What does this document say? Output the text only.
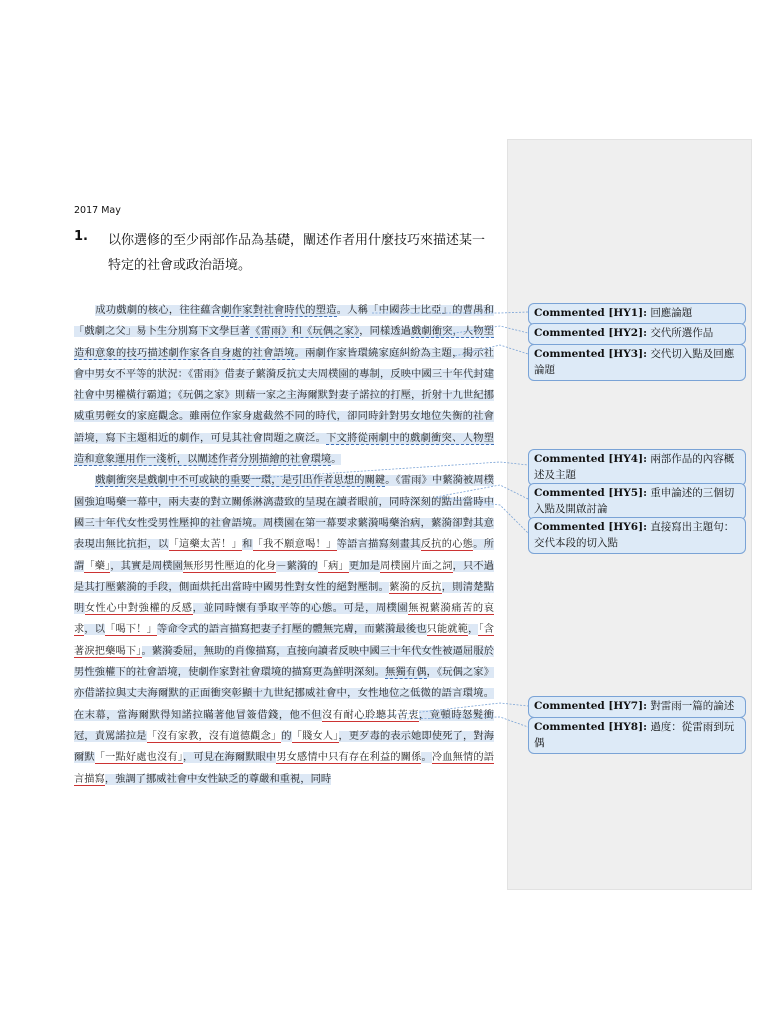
2017 May
1. 以你選修的至少兩部作品為基礎，闡述作者用什麼技巧來描述某一特定的社會或政治語境。

成功戲劇的核心，往往蘊含劇作家對社會時代的塑造。人稱「中國莎士比亞」的曹禺和「戲劇之父」易卜生分別寫下文學巨著《雷雨》和《玩偶之家》，同樣透過戲劇衝突，人物塑造和意象的技巧描述劇作家各自身處的社會語境。兩劇作家皆環繞家庭糾紛為主題，揭示社會中男女不平等的狀況：《雷雨》借妻子蘩漪反抗丈夫周樸園的專制，反映中國三十年代封建社會中男權橫行霸道；《玩偶之家》則藉一家之主海爾默對妻子諾拉的打壓，折射十九世紀挪威重男輕女的家庭觀念。雖兩位作家身處截然不同的時代，卻同時針對男女地位失衡的社會語境，寫下主題相近的劇作，可見其社會問題之廣泛。下文將從兩劇中的戲劇衝突、人物塑造和意象運用作一淺析，以闡述作者分別描繪的社會環境。

戲劇衝突是戲劇中不可或缺的重要一環，是引出作者思想的關鍵。《雷雨》中蘩漪被周樸園強迫喝藥一幕中，兩夫妻的對立關係淋漓盡致的呈現在讀者眼前，同時深刻的點出當時中國三十年代女性受男性壓抑的社會語境。周樸園在第一幕要求蘩漪喝藥治病，蘩漪卻對其意表現出無比抗拒，以「這藥太苦！」和「我不願意喝！」等語言描寫刻畫其反抗的心態。所謂「藥」，其實是周樸園無形男性壓迫的化身－蘩漪的「病」更加是周樸園片面之詞，只不過是其打壓蘩漪的手段，側面烘托出當時中國男性對女性的絕對壓制。蘩漪的反抗，則清楚點明女性心中對強權的反感，並同時懷有爭取平等的心態。可是，周樸園無視蘩漪痛苦的哀求，以「喝下！」等命令式的語言描寫把妻子打壓的體無完膚，而蘩漪最後也只能就範，「含著淚把藥喝下」。蘩漪委屈，無助的肖像描寫，直接向讀者反映中國三十年代女性被逼屈服於男性強權下的社會語境，使劇作家對社會環境的描寫更為鮮明深刻。無獨有偶，《玩偶之家》亦借諾拉與丈夫海爾默的正面衝突彰顯十九世紀挪威社會中，女性地位之低微的語言環境。在末幕，當海爾默得知諾拉瞞著他冒簽借錢，他不但沒有耐心聆聽其苦衷，竟頓時怒髮衝冠，責罵諾拉是「沒有家教，沒有道德觀念」的「賤女人」，更歹毒的表示她即使死了，對海爾默「一點好處也沒有」，可見在海爾默眼中男女感情中只有存在利益的關係。冷血無情的語言描寫，強調了挪威社會中女性缺乏的尊嚴和重視，同時

Commented [HY1]: 回應論題
Commented [HY2]: 交代所選作品
Commented [HY3]: 交代切入點及回應論題
Commented [HY4]: 兩部作品的內容概述及主題
Commented [HY5]: 重申論述的三個切入點及開啟討論
Commented [HY6]: 直接寫出主題句：交代本段的切入點
Commented [HY7]: 對雷雨一篇的論述
Commented [HY8]: 過度：從雷雨到玩偶
